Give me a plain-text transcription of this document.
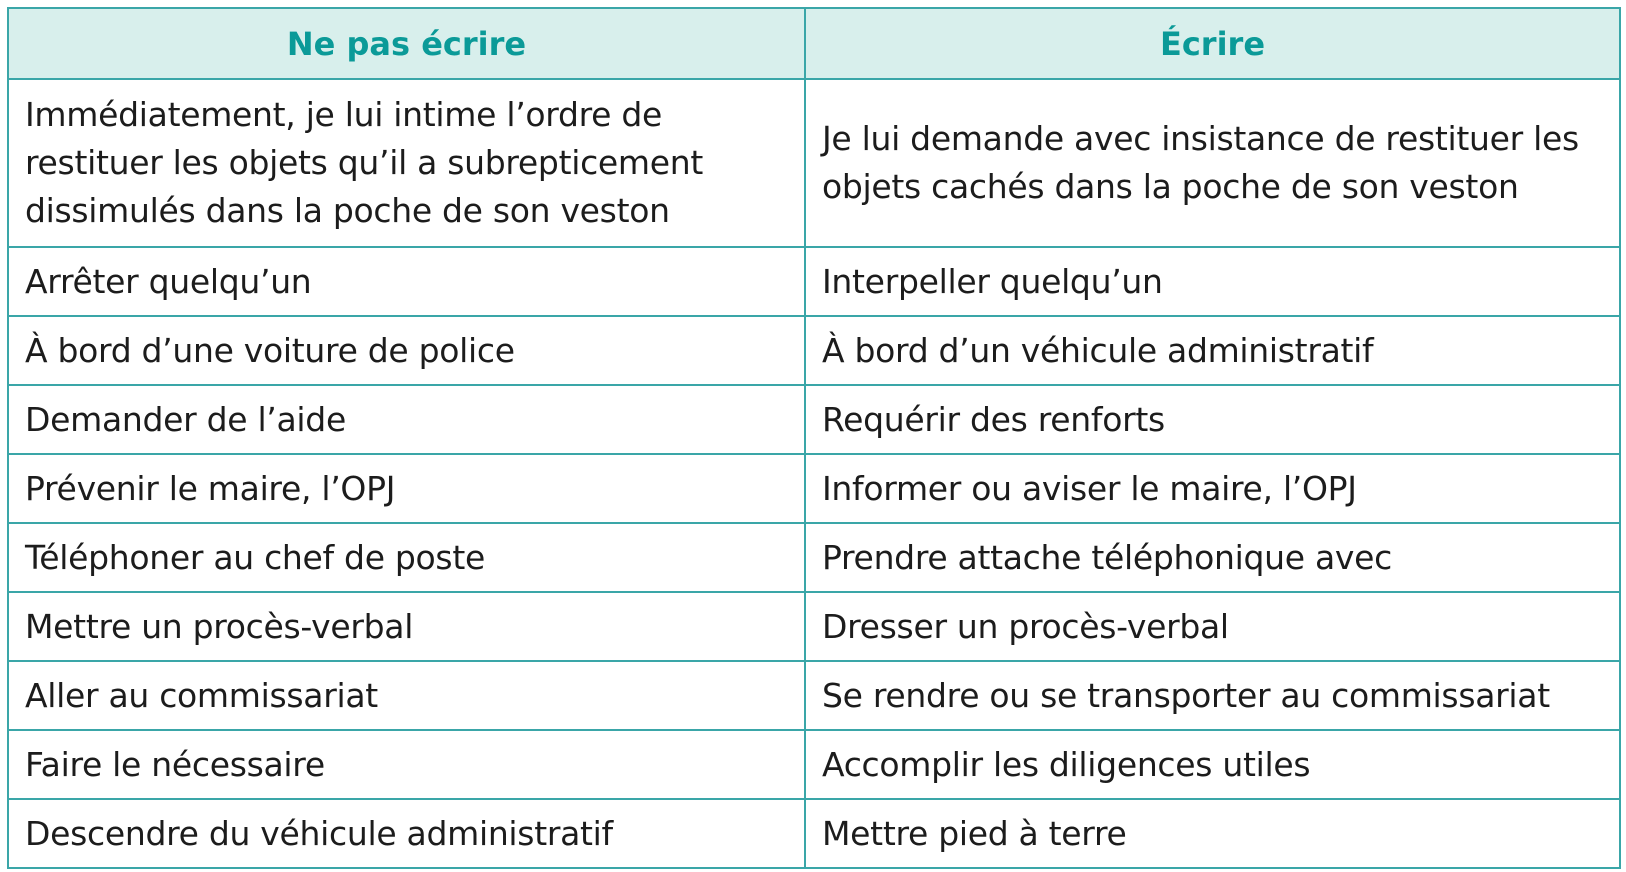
Ne pas écrire	Écrire
Immédiatement, je lui intime l’ordre de restituer les objets qu’il a subrepticement dissimulés dans la poche de son veston	Je lui demande avec insistance de restituer les objets cachés dans la poche de son veston
Arrêter quelqu’un	Interpeller quelqu’un
À bord d’une voiture de police	À bord d’un véhicule administratif
Demander de l’aide	Requérir des renforts
Prévenir le maire, l’OPJ	Informer ou aviser le maire, l’OPJ
Téléphoner au chef de poste	Prendre attache téléphonique avec
Mettre un procès-verbal	Dresser un procès-verbal
Aller au commissariat	Se rendre ou se transporter au commissariat
Faire le nécessaire	Accomplir les diligences utiles
Descendre du véhicule administratif	Mettre pied à terre
